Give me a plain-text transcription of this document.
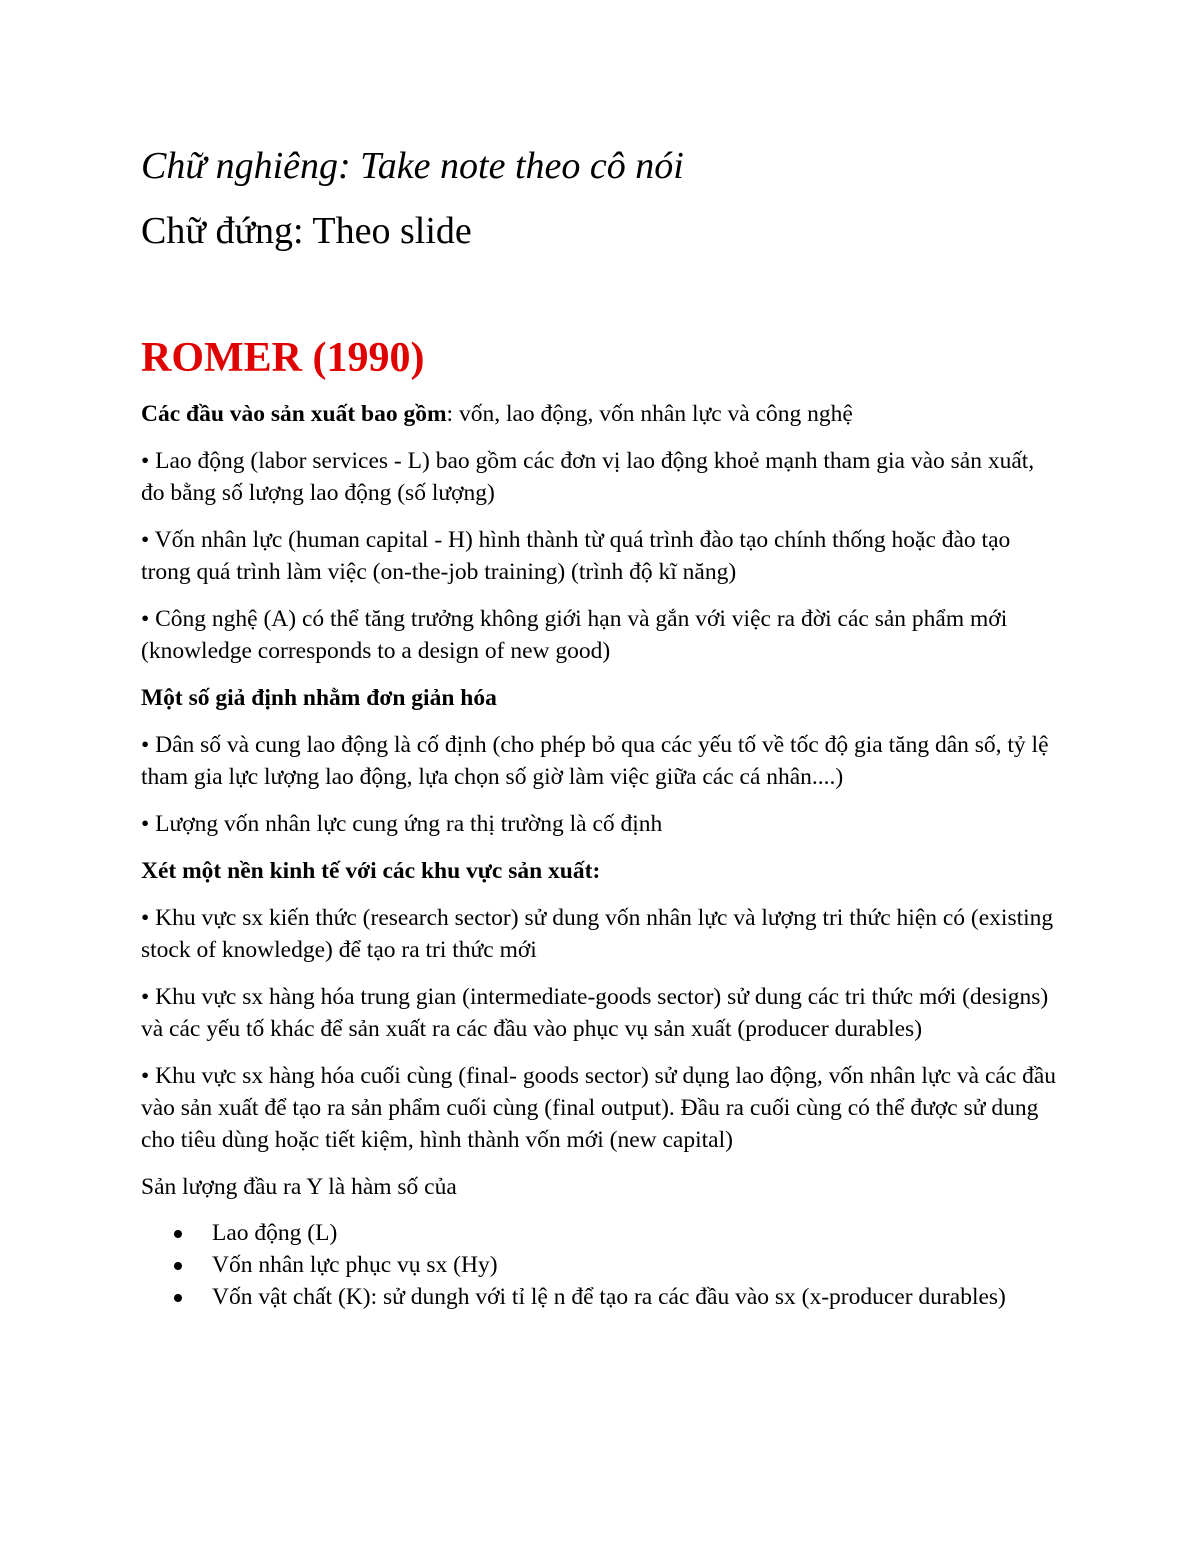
Chữ nghiêng: Take note theo cô nói
Chữ đứng: Theo slide
ROMER (1990)

Các đầu vào sản xuất bao gồm: vốn, lao động, vốn nhân lực và công nghệ

• Lao động (labor services - L) bao gồm các đơn vị lao động khoẻ mạnh tham gia vào sản xuất, đo bằng số lượng lao động (số lượng)

• Vốn nhân lực (human capital - H) hình thành từ quá trình đào tạo chính thống hoặc đào tạo trong quá trình làm việc (on-the-job training) (trình độ kĩ năng)

• Công nghệ (A) có thể tăng trưởng không giới hạn và gắn với việc ra đời các sản phẩm mới (knowledge corresponds to a design of new good)

Một số giả định nhằm đơn giản hóa

• Dân số và cung lao động là cố định (cho phép bỏ qua các yếu tố về tốc độ gia tăng dân số, tỷ lệ tham gia lực lượng lao động, lựa chọn số giờ làm việc giữa các cá nhân....)

• Lượng vốn nhân lực cung ứng ra thị trường là cố định

Xét một nền kinh tế với các khu vực sản xuất:

• Khu vực sx kiến thức (research sector) sử dung vốn nhân lực và lượng tri thức hiện có (existing stock of knowledge) để tạo ra tri thức mới

• Khu vực sx hàng hóa trung gian (intermediate-goods sector) sử dung các tri thức mới (designs) và các yếu tố khác để sản xuất ra các đầu vào phục vụ sản xuất (producer durables)

• Khu vực sx hàng hóa cuối cùng (final- goods sector) sử dụng lao động, vốn nhân lực và các đầu vào sản xuất để tạo ra sản phẩm cuối cùng (final output). Đầu ra cuối cùng có thể được sử dung cho tiêu dùng hoặc tiết kiệm, hình thành vốn mới (new capital)

Sản lượng đầu ra Y là hàm số của

Lao động (L)
Vốn nhân lực phục vụ sx (Hy)
Vốn vật chất (K): sử dungh với tỉ lệ n để tạo ra các đầu vào sx (x-producer durables)
